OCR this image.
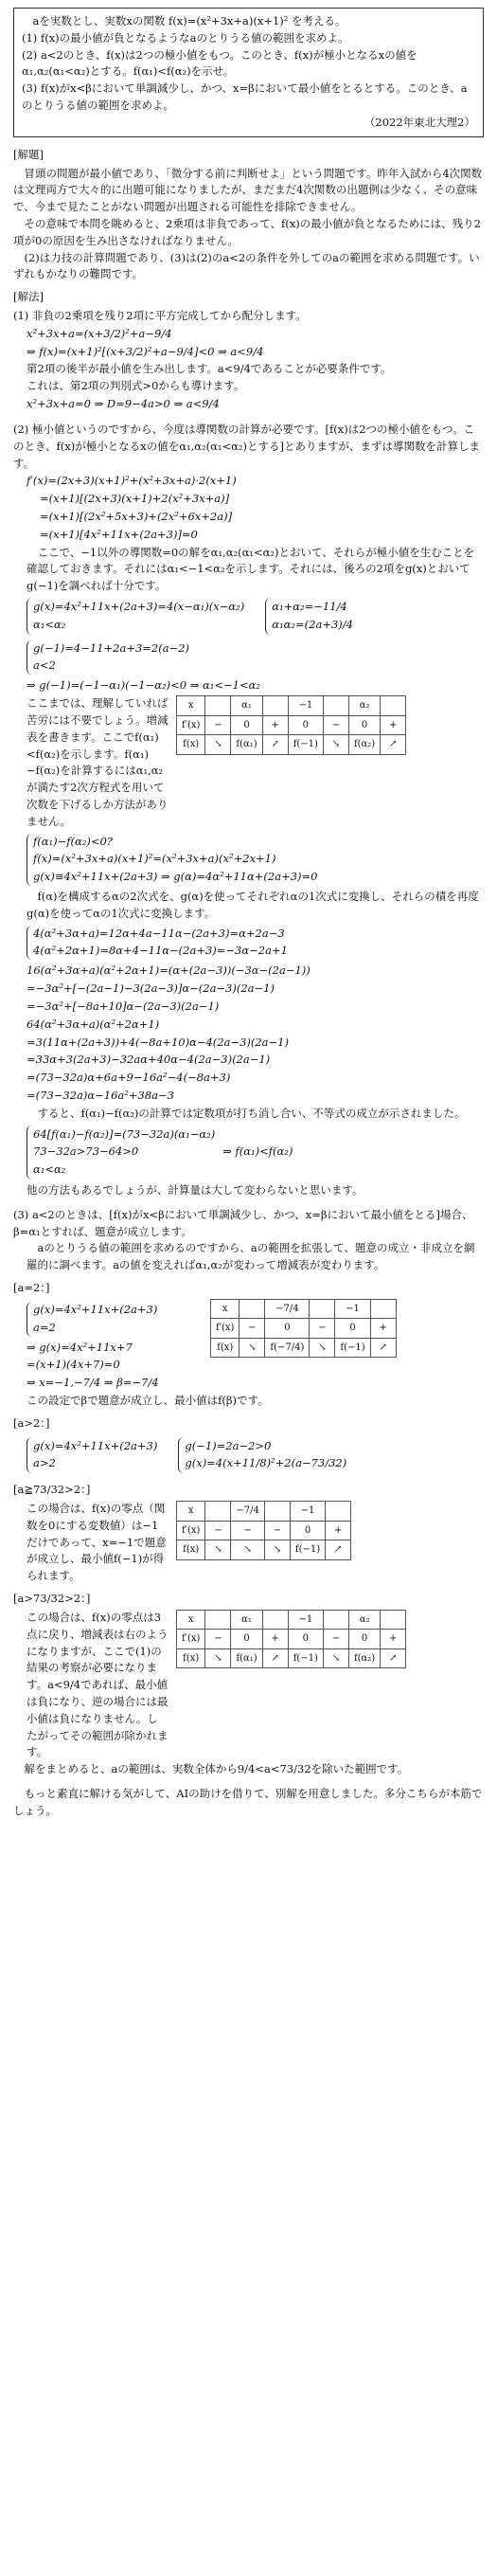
aを実数とし、実数xの関数 f(x)=(x²+3x+a)(x+1)² を考える。

(1) f(x)の最小値が負となるようなaのとりうる値の範囲を求めよ。

(2) a<2のとき、f(x)は2つの極小値をもつ。このとき、f(x)が極小となるxの値をα₁,α₂(α₁<α₂)とする。f(α₁)<f(α₂)を示せ。

(3) f(x)がx<βにおいて単調減少し、かつ、x=βにおいて最小値をとるとする。このとき、aのとりうる値の範囲を求めよ。

（2022年東北大理2）

[解題]

冒頭の問題が最小値であり、「微分する前に判断せよ」という問題です。昨年入試から4次関数は文理両方で大々的に出題可能になりましたが、まだまだ4次関数の出題例は少なく、その意味で、今まで見たことがない問題が出題される可能性を排除できません。

その意味で本問を眺めると、2乗項は非負であって、f(x)の最小値が負となるためには、残り2項が0の原因を生み出さなければなりません。

(2)は力技の計算問題であり、(3)は(2)のa<2の条件を外してのaの範囲を求める問題です。いずれもかなりの難問です。

[解法]

(1) 非負の2乗項を残り2項に平方完成してから配分します。

x²+3x+a=(x+3/2)²+a−9/4

⇒ f(x)=(x+1)²[(x+3/2)²+a−9/4]<0 ⇒ a<9/4

第2項の後半が最小値を生み出します。a<9/4であることが必要条件です。

これは、第2項の判別式>0からも導けます。

x²+3x+a=0 ⇒ D=9−4a>0 ⇒ a<9/4

(2) 極小値というのですから、今度は導関数の計算が必要です。[f(x)は2つの極小値をもつ。このとき、f(x)が極小となるxの値をα₁,α₂(α₁<α₂)とする]とありますが、まずは導関数を計算します。

f′(x)=(2x+3)(x+1)²+(x²+3x+a)·2(x+1)

=(x+1)[(2x+3)(x+1)+2(x²+3x+a)]

=(x+1)[(2x²+5x+3)+(2x²+6x+2a)]

=(x+1)[4x²+11x+(2a+3)]=0

ここで、−1以外の導関数=0の解をα₁,α₂(α₁<α₂)とおいて、それらが極小値を生むことを確認しておきます。それにはα₁<−1<α₂を示します。それには、後ろの2項をg(x)とおいてg(−1)を調べれば十分です。

g(x)=4x²+11x+(2a+3)=4(x−α₁)(x−α₂)

α₁<α₂

α₁+α₂=−11/4

α₁α₂=(2a+3)/4

g(−1)=4−11+2a+3=2(a−2)

a<2

⇒ g(−1)=(−1−α₁)(−1−α₂)<0 ⇒ α₁<−1<α₂

ここまでは、理解していれば苦労には不要でしょう。増減表を書きます。ここでf(α₁)<f(α₂)を示します。f(α₁)−f(α₂)を計算するにはα₁,α₂が満たす2次方程式を用いて次数を下げるしか方法がありません。

x		α₁		−1		α₂	
f′(x)	−	0	+	0	−	0	+
f(x)	↘	f(α₁)	↗	f(−1)	↘	f(α₂)	↗

f(α₁)−f(α₂)<0?

f(x)=(x²+3x+a)(x+1)²=(x²+3x+a)(x²+2x+1)

g(x)≡4x²+11x+(2a+3) ⇒ g(α)=4α²+11α+(2a+3)=0

f(α)を構成するαの2次式を、g(α)を使ってそれぞれαの1次式に変換し、それらの積を再度g(α)を使ってαの1次式に変換します。

4(α²+3α+a)=12α+4a−11α−(2a+3)=α+2a−3

4(α²+2α+1)=8α+4−11α−(2a+3)=−3α−2a+1

16(α²+3α+a)(α²+2α+1)=(α+(2a−3))(−3α−(2a−1))

=−3α²+[−(2a−1)−3(2a−3)]α−(2a−3)(2a−1)

=−3α²+[−8a+10]α−(2a−3)(2a−1)

64(α²+3α+a)(α²+2α+1)

=3(11α+(2a+3))+4(−8a+10)α−4(2a−3)(2a−1)

=33α+3(2a+3)−32aα+40α−4(2a−3)(2a−1)

=(73−32a)α+6a+9−16a²−4(−8a+3)

=(73−32a)α−16a²+38a−3

すると、f(α₁)−f(α₂)の計算では定数項が打ち消し合い、不等式の成立が示されました。

64[f(α₁)−f(α₂)]=(73−32a)(α₁−α₂)

73−32a>73−64>0

α₁<α₂

⇒ f(α₁)<f(α₂)

他の方法もあるでしょうが、計算量は大して変わらないと思います。

(3) a<2のときは、[f(x)がx<βにおいて単調減少し、かつ、x=βにおいて最小値をとる]場合、β=α₁とすれば、題意が成立します。

aのとりうる値の範囲を求めるのですから、aの範囲を拡張して、題意の成立・非成立を網羅的に調べます。aの値を変えればα₁,α₂が変わって増減表が変わります。

[a=2：]

g(x)=4x²+11x+(2a+3)

a=2

⇒ g(x)=4x²+11x+7

=(x+1)(4x+7)=0

⇒ x=−1,−7/4 ⇒ β=−7/4

x		−7/4		−1	
f′(x)	−	0	−	0	+
f(x)	↘	f(−7/4)	↘	f(−1)	↗

この設定でβで題意が成立し、最小値はf(β)です。

[a>2：]

g(x)=4x²+11x+(2a+3)

a>2

g(−1)=2a−2>0

g(x)=4(x+11/8)²+2(a−73/32)

[a≧73/32>2：]

この場合は、f(x)の零点（関数を0にする変数値）は−1だけであって、x=−1で題意が成立し、最小値f(−1)が得られます。

x		−7/4		−1	
f′(x)	−	−	−	0	+
f(x)	↘	↘	↘	f(−1)	↗

[a>73/32>2：]

この場合は、f(x)の零点は3点に戻り、増減表は右のようになりますが、ここで(1)の結果の考察が必要になります。a<9/4であれば、最小値は負になり、逆の場合には最小値は負になりません。したがってその範囲が除かれます。

x		α₁		−1		α₂	
f′(x)	−	0	+	0	−	0	+
f(x)	↘	f(α₁)	↗	f(−1)	↘	f(α₂)	↗

解をまとめると、aの範囲は、実数全体から9/4<a<73/32を除いた範囲です。

もっと素直に解ける気がして、AIの助けを借りて、別解を用意しました。多分こちらが本筋でしょう。
